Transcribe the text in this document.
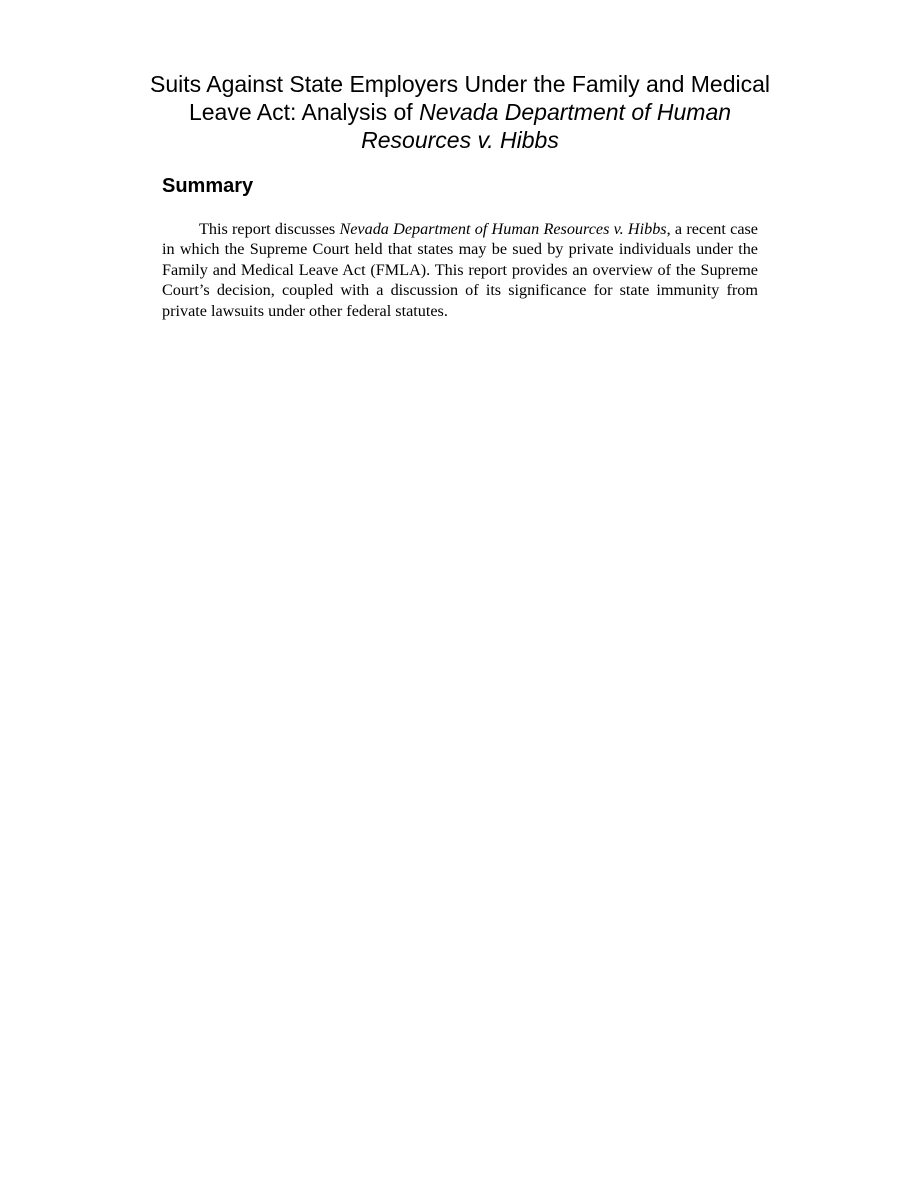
Suits Against State Employers Under the Family and Medical Leave Act: Analysis of Nevada Department of Human Resources v. Hibbs
Summary

This report discusses Nevada Department of Human Resources v. Hibbs, a recent case in which the Supreme Court held that states may be sued by private individuals under the Family and Medical Leave Act (FMLA). This report provides an overview of the Supreme Court’s decision, coupled with a discussion of its significance for state immunity from private lawsuits under other federal statutes.
